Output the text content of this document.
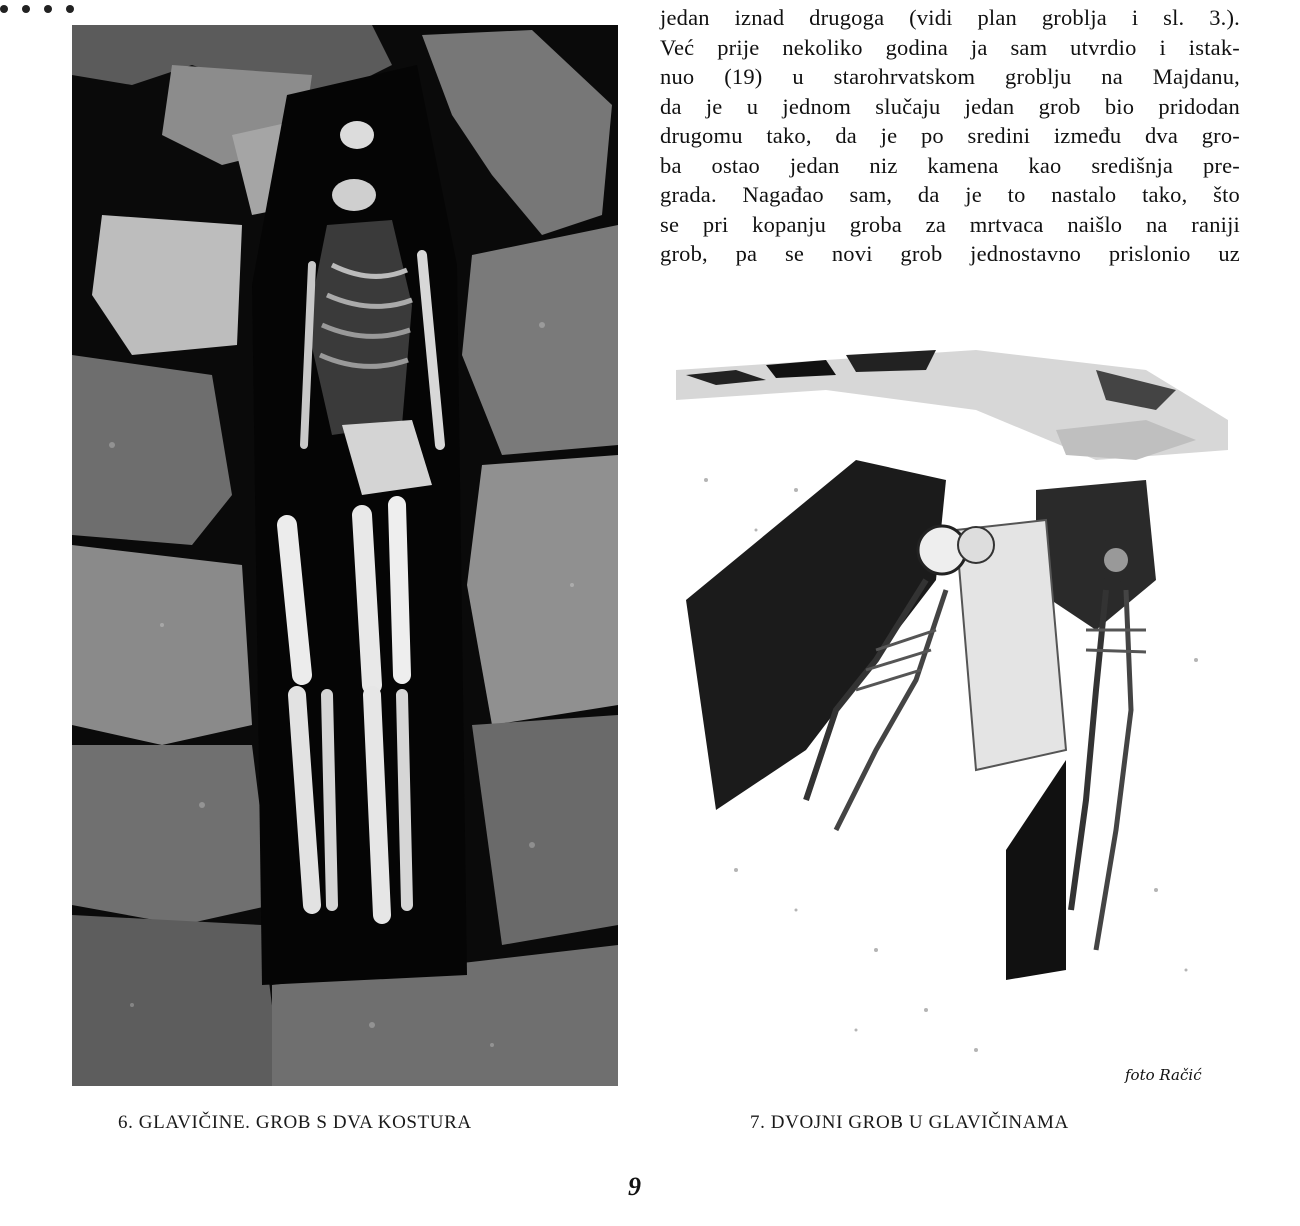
jedan iznad drugoga (vidi plan groblja i sl. 3.).
Već prije nekoliko godina ja sam utvrdio i istak-
nuo (19) u starohrvatskom groblju na Majdanu,
da je u jednom slučaju jedan grob bio pridodan
drugomu tako, da je po sredini između dva gro-
ba ostao jedan niz kamena kao središnja pre-
grada. Nagađao sam, da je to nastalo tako, što
se pri kopanju groba za mrtvaca naišlo na raniji
grob, pa se novi grob jednostavno prislonio uz
foto Račić
6. GLAVIČINE. GROB S DVA KOSTURA	7. DVOJNI GROB U GLAVIČINAMA
9
